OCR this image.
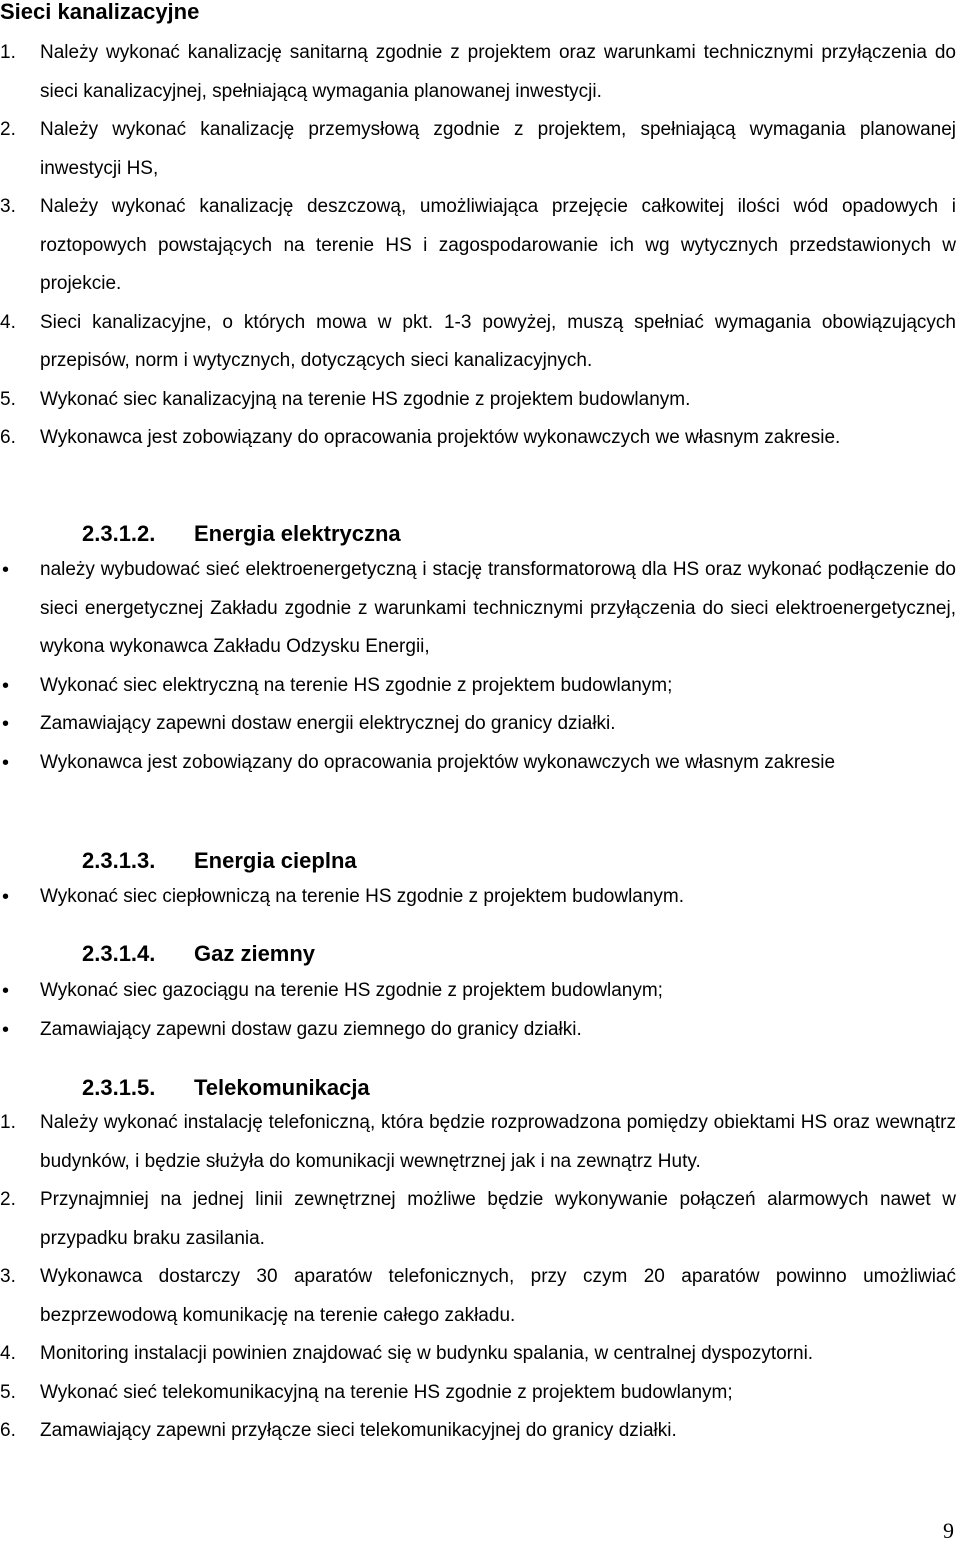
Sieci kanalizacyjne
1. Należy wykonać kanalizację sanitarną zgodnie z projektem oraz warunkami technicznymi przyłączenia do sieci kanalizacyjnej, spełniającą wymagania planowanej inwestycji.
2. Należy wykonać kanalizację przemysłową zgodnie z projektem, spełniającą wymagania planowanej inwestycji HS,
3. Należy wykonać kanalizację deszczową, umożliwiająca przejęcie całkowitej ilości wód opadowych i roztopowych powstających na terenie HS i zagospodarowanie ich wg wytycznych przedstawionych w projekcie.
4. Sieci kanalizacyjne, o których mowa w pkt. 1-3 powyżej, muszą spełniać wymagania obowiązujących przepisów, norm i wytycznych, dotyczących sieci kanalizacyjnych.
5. Wykonać siec kanalizacyjną na terenie HS zgodnie z projektem budowlanym.
6. Wykonawca jest zobowiązany do opracowania projektów wykonawczych we własnym zakresie.
2.3.1.2. Energia elektryczna
• należy wybudować sieć elektroenergetyczną i stację transformatorową dla HS oraz wykonać podłączenie do sieci energetycznej Zakładu zgodnie z warunkami technicznymi przyłączenia do sieci elektroenergetycznej, wykona wykonawca Zakładu Odzysku Energii,
• Wykonać siec elektryczną na terenie HS zgodnie z projektem budowlanym;
• Zamawiający zapewni dostaw energii elektrycznej do granicy działki.
• Wykonawca jest zobowiązany do opracowania projektów wykonawczych we własnym zakresie
2.3.1.3. Energia cieplna
• Wykonać siec ciepłowniczą na terenie HS zgodnie z projektem budowlanym.
2.3.1.4. Gaz ziemny
• Wykonać siec gazociągu na terenie HS zgodnie z projektem budowlanym;
• Zamawiający zapewni dostaw gazu ziemnego do granicy działki.
2.3.1.5. Telekomunikacja
1. Należy wykonać instalację telefoniczną, która będzie rozprowadzona pomiędzy obiektami HS oraz wewnątrz budynków, i będzie służyła do komunikacji wewnętrznej jak i na zewnątrz Huty.
2. Przynajmniej na jednej linii zewnętrznej możliwe będzie wykonywanie połączeń alarmowych nawet w przypadku braku zasilania.
3. Wykonawca dostarczy 30 aparatów telefonicznych, przy czym 20 aparatów powinno umożliwiać bezprzewodową komunikację na terenie całego zakładu.
4. Monitoring instalacji powinien znajdować się w budynku spalania, w centralnej dyspozytorni.
5. Wykonać sieć telekomunikacyjną na terenie HS zgodnie z projektem budowlanym;
6. Zamawiający zapewni przyłącze sieci telekomunikacyjnej do granicy działki.
9
